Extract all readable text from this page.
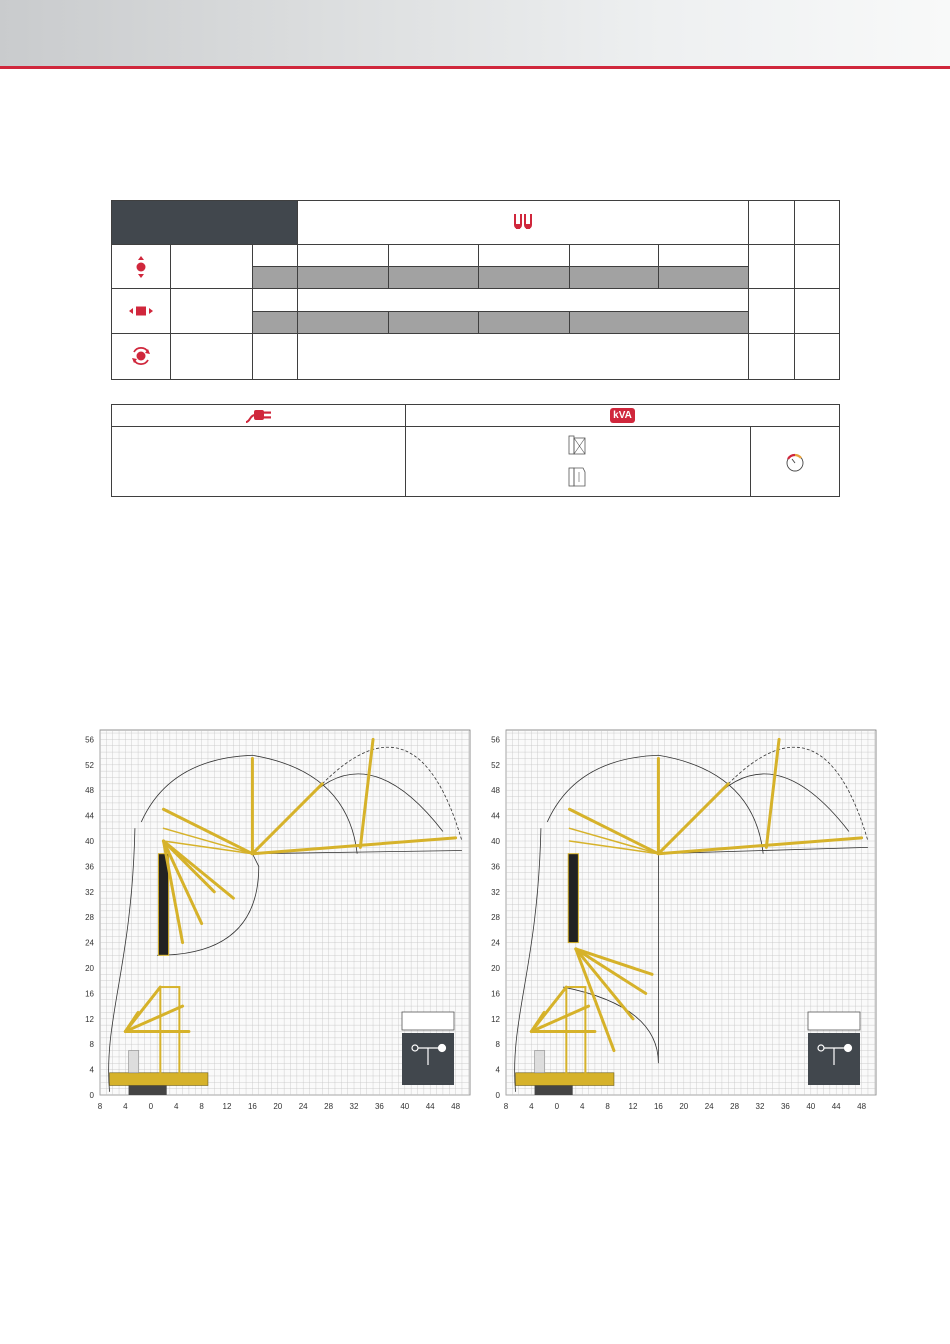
	kVA	

8	4	0	4	8 12 16 20 24 28 32 36 40 44 48
0
4
8
12
16
20
24
28
32
36
40
44
48
52
56
8	4	0	4	8 12 16 20 24 28 32 36 40 44 48
0
4
8
12
16
20
24
28
32
36
40
44
48
52
56
